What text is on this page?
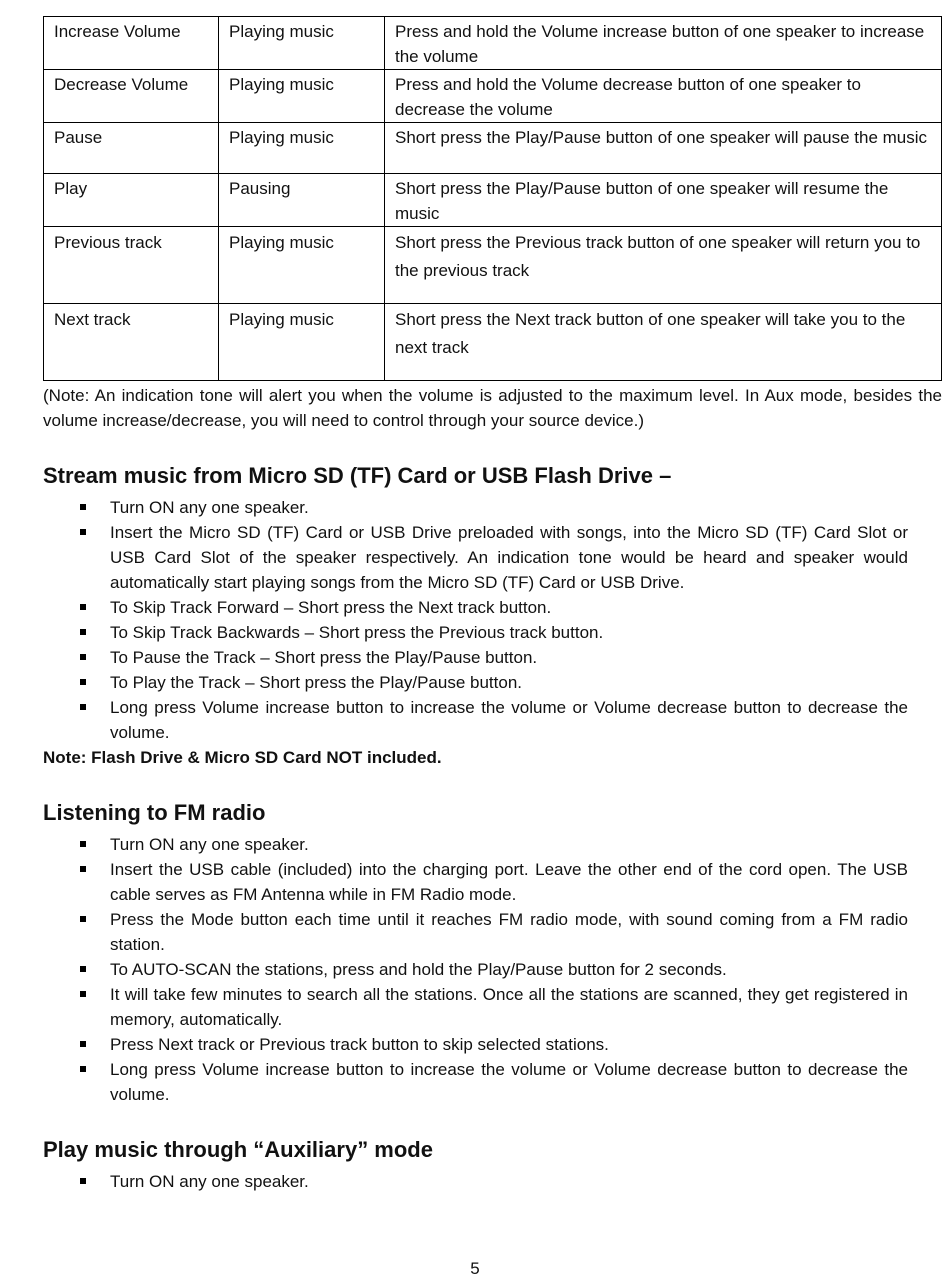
Increase Volume	Playing music	Press and hold the Volume increase button of one speaker to increase the volume
Decrease Volume	Playing music	Press and hold the Volume decrease button of one speaker to decrease the volume
Pause	Playing music	Short press the Play/Pause button of one speaker will pause the music
Play	Pausing	Short press the Play/Pause button of one speaker will resume the music
Previous track	Playing music	Short press the Previous track button of one speaker will return you to the previous track
Next track	Playing music	Short press the Next track button of one speaker will take you to the next track

(Note: An indication tone will alert you when the volume is adjusted to the maximum level. In Aux mode, besides the volume increase/decrease, you will need to control through your source device.)

Stream music from Micro SD (TF) Card or USB Flash Drive –
Turn ON any one speaker.
Insert the Micro SD (TF) Card or USB Drive preloaded with songs, into the Micro SD (TF) Card Slot or USB Card Slot of the speaker respectively. An indication tone would be heard and speaker would automatically start playing songs from the Micro SD (TF) Card or USB Drive.
To Skip Track Forward – Short press the Next track button.
To Skip Track Backwards – Short press the Previous track button.
To Pause the Track – Short press the Play/Pause button.
To Play the Track – Short press the Play/Pause button.
Long press Volume increase button to increase the volume or Volume decrease button to decrease the volume.

Note: Flash Drive & Micro SD Card NOT included.

Listening to FM radio
Turn ON any one speaker.
Insert the USB cable (included) into the charging port. Leave the other end of the cord open. The USB cable serves as FM Antenna while in FM Radio mode.
Press the Mode button each time until it reaches FM radio mode, with sound coming from a FM radio station.
To AUTO-SCAN the stations, press and hold the Play/Pause button for 2 seconds.
It will take few minutes to search all the stations. Once all the stations are scanned, they get registered in memory, automatically.
Press Next track or Previous track button to skip selected stations.
Long press Volume increase button to increase the volume or Volume decrease button to decrease the volume.
Play music through “Auxiliary” mode
Turn ON any one speaker.
5
